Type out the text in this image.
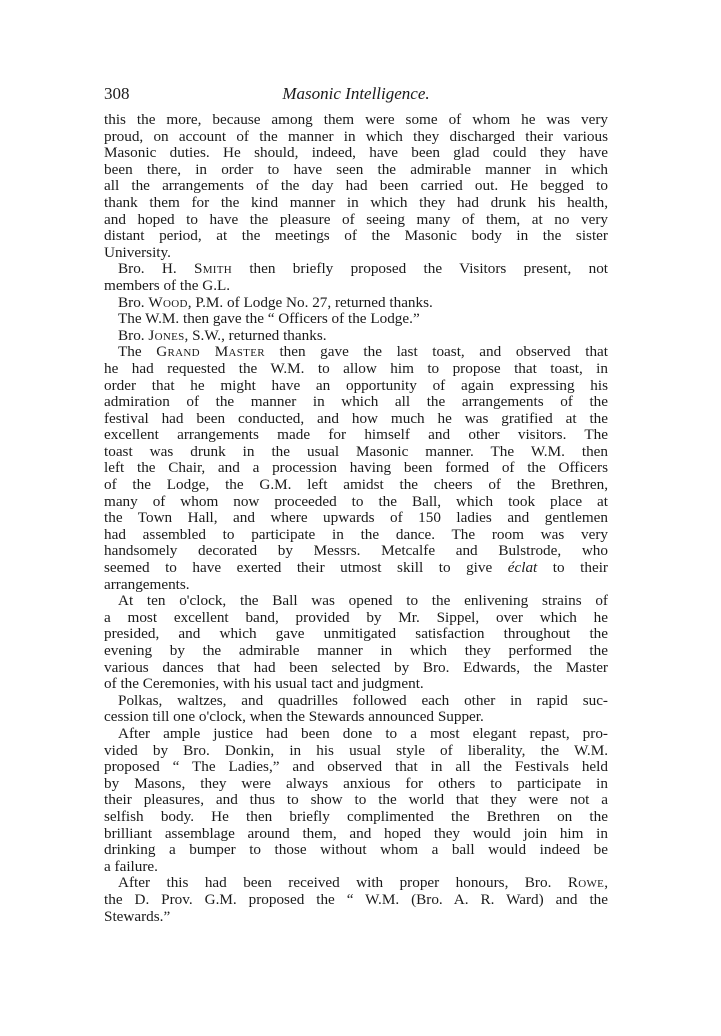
308	Masonic Intelligence.
this the more, because among them were some of whom he was very
proud, on account of the manner in which they discharged their various
Masonic duties. He should, indeed, have been glad could they have
been there, in order to have seen the admirable manner in which
all the arrangements of the day had been carried out. He begged to
thank them for the kind manner in which they had drunk his health,
and hoped to have the pleasure of seeing many of them, at no very
distant period, at the meetings of the Masonic body in the sister
University.
Bro. H. Smith then briefly proposed the Visitors present, not
members of the G.L.
Bro. Wood, P.M. of Lodge No. 27, returned thanks.
The W.M. then gave the “ Officers of the Lodge.”
Bro. Jones, S.W., returned thanks.
The Grand Master then gave the last toast, and observed that
he had requested the W.M. to allow him to propose that toast, in
order that he might have an opportunity of again expressing his
admiration of the manner in which all the arrangements of the
festival had been conducted, and how much he was gratified at the
excellent arrangements made for himself and other visitors. The
toast was drunk in the usual Masonic manner. The W.M. then
left the Chair, and a procession having been formed of the Officers
of the Lodge, the G.M. left amidst the cheers of the Brethren,
many of whom now proceeded to the Ball, which took place at
the Town Hall, and where upwards of 150 ladies and gentlemen
had assembled to participate in the dance. The room was very
handsomely decorated by Messrs. Metcalfe and Bulstrode, who
seemed to have exerted their utmost skill to give éclat to their
arrangements.
At ten o'clock, the Ball was opened to the enlivening strains of
a most excellent band, provided by Mr. Sippel, over which he
presided, and which gave unmitigated satisfaction throughout the
evening by the admirable manner in which they performed the
various dances that had been selected by Bro. Edwards, the Master
of the Ceremonies, with his usual tact and judgment.
Polkas, waltzes, and quadrilles followed each other in rapid suc-
cession till one o'clock, when the Stewards announced Supper.
After ample justice had been done to a most elegant repast, pro-
vided by Bro. Donkin, in his usual style of liberality, the W.M.
proposed “ The Ladies,” and observed that in all the Festivals held
by Masons, they were always anxious for others to participate in
their pleasures, and thus to show to the world that they were not a
selfish body. He then briefly complimented the Brethren on the
brilliant assemblage around them, and hoped they would join him in
drinking a bumper to those without whom a ball would indeed be
a failure.
After this had been received with proper honours, Bro. Rowe,
the D. Prov. G.M. proposed the “ W.M. (Bro. A. R. Ward) and the
Stewards.”
